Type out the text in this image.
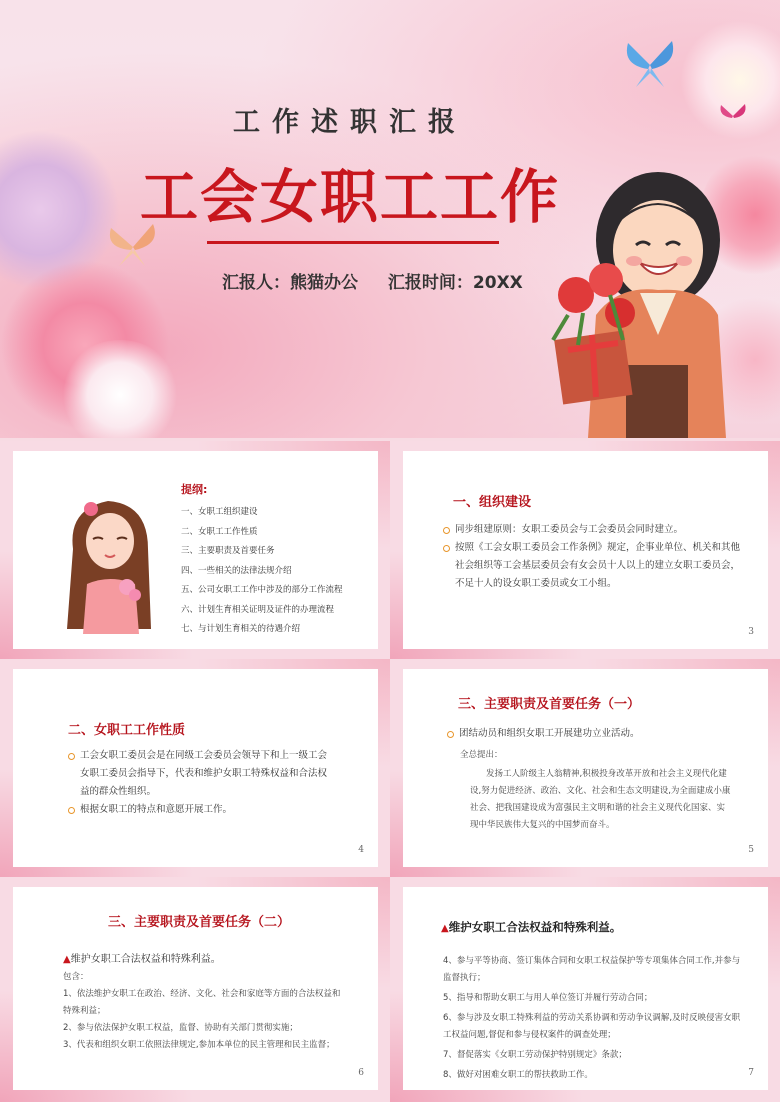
工作述职汇报
工会女职工工作
汇报人：熊猫办公 汇报时间：20XX
提纲:
一、女职工组织建设
二、女职工工作性质
三、主要职责及首要任务
四、一些相关的法律法规介绍
五、公司女职工工作中涉及的部分工作流程
六、计划生育相关证明及证件的办理流程
七、与计划生育相关的待遇介绍
一、组织建设
同步组建原则：女职工委员会与工会委员会同时建立。
按照《工会女职工委员会工作条例》规定，企事业单位、机关和其他社会组织等工会基层委员会有女会员十人以上的建立女职工委员会，不足十人的设女职工委员或女工小组。
3
二、女职工工作性质
工会女职工委员会是在同级工会委员会领导下和上一级工会女职工委员会指导下，代表和维护女职工特殊权益和合法权益的群众性组织。
根据女职工的特点和意愿开展工作。
4
三、主要职责及首要任务（一）
团结动员和组织女职工开展建功立业活动。
全总提出：
发扬工人阶级主人翁精神,积极投身改革开放和社会主义现代化建设,努力促进经济、政治、文化、社会和生态文明建设,为全面建成小康社会、把我国建设成为富强民主文明和谐的社会主义现代化国家、实现中华民族伟大复兴的中国梦而奋斗。
5
三、主要职责及首要任务（二）
▲维护女职工合法权益和特殊利益。
包含：
1、依法维护女职工在政治、经济、文化、社会和家庭等方面的合法权益和特殊利益；
2、参与依法保护女职工权益，监督、协助有关部门贯彻实施；
3、代表和组织女职工依照法律规定,参加本单位的民主管理和民主监督；
6
▲维护女职工合法权益和特殊利益。
4、参与平等协商、签订集体合同和女职工权益保护等专项集体合同工作,并参与监督执行；
5、指导和帮助女职工与用人单位签订并履行劳动合同；
6、参与涉及女职工特殊利益的劳动关系协调和劳动争议调解,及时反映侵害女职工权益问题,督促和参与侵权案件的调查处理；
7、督促落实《女职工劳动保护特别规定》条款；
8、做好对困难女职工的帮扶救助工作。	7
